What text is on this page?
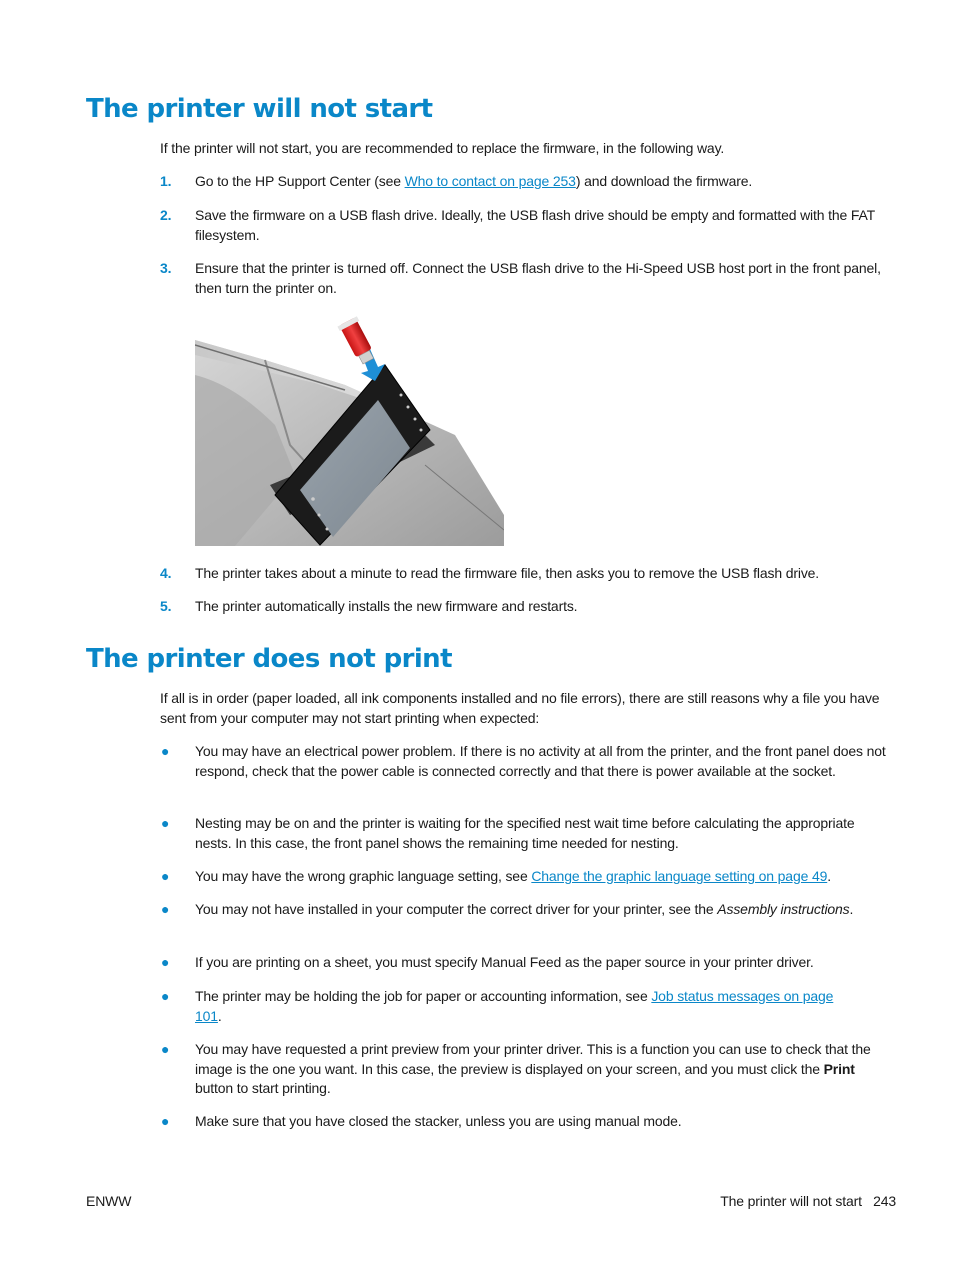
The printer will not start

If the printer will not start, you are recommended to replace the firmware, in the following way.

1. Go to the HP Support Center (see Who to contact on page 253) and download the firmware.
2. Save the firmware on a USB flash drive. Ideally, the USB flash drive should be empty and formatted with the FAT filesystem.
3. Ensure that the printer is turned off. Connect the USB flash drive to the Hi-Speed USB host port in the front panel, then turn the printer on.
4. The printer takes about a minute to read the firmware file, then asks you to remove the USB flash drive.
5. The printer automatically installs the new firmware and restarts.
The printer does not print

If all is in order (paper loaded, all ink components installed and no file errors), there are still reasons why a file you have sent from your computer may not start printing when expected:

● You may have an electrical power problem. If there is no activity at all from the printer, and the front panel does not respond, check that the power cable is connected correctly and that there is power available at the socket.
● Nesting may be on and the printer is waiting for the specified nest wait time before calculating the appropriate nests. In this case, the front panel shows the remaining time needed for nesting.
● You may have the wrong graphic language setting, see Change the graphic language setting on page 49.
● You may not have installed in your computer the correct driver for your printer, see the Assembly instructions.
● If you are printing on a sheet, you must specify Manual Feed as the paper source in your printer driver.
● The printer may be holding the job for paper or accounting information, see Job status messages on page 101.
● You may have requested a print preview from your printer driver. This is a function you can use to check that the image is the one you want. In this case, the preview is displayed on your screen, and you must click the Print button to start printing.
● Make sure that you have closed the stacker, unless you are using manual mode.
ENWW	The printer will not start 243
